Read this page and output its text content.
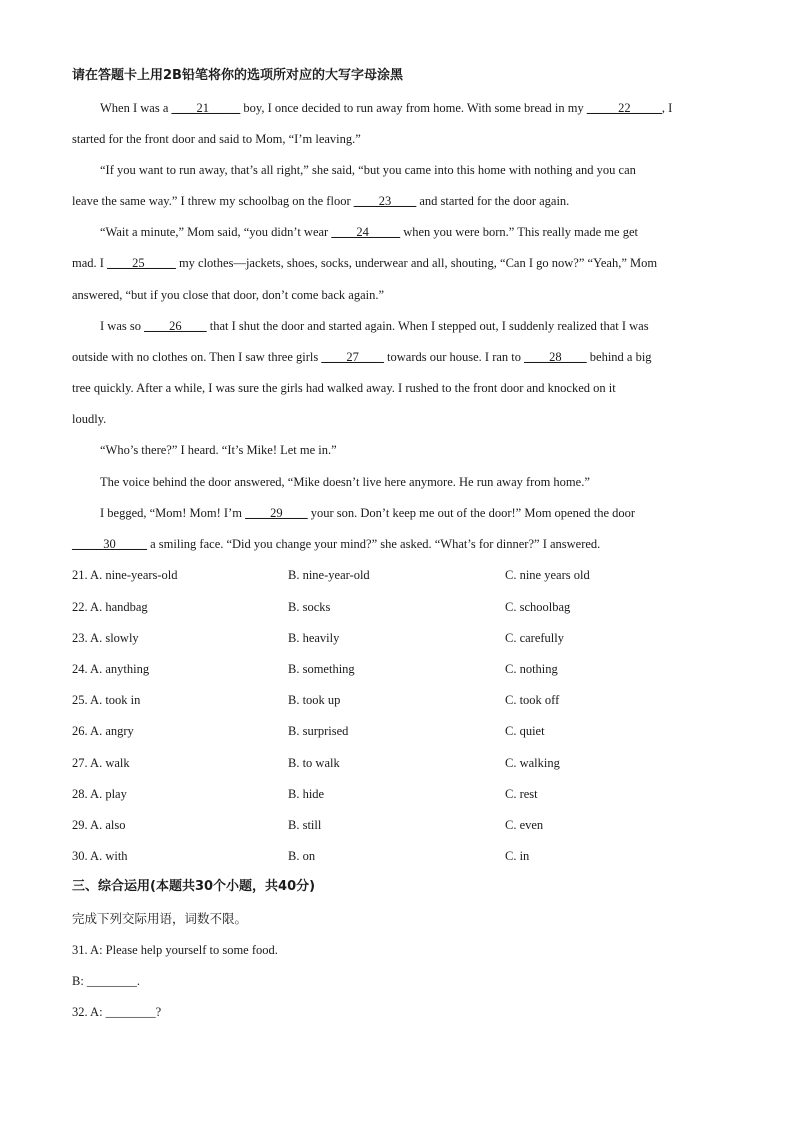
请在答题卡上用2B铅笔将你的选项所对应的大写字母涂黑
When I was a ____21_____ boy, I once decided to run away from home. With some bread in my _____22_____, I
started for the front door and said to Mom, “I’m leaving.”
“If you want to run away, that’s all right,” she said, “but you came into this home with nothing and you can
leave the same way.” I threw my schoolbag on the floor ____23____ and started for the door again.
“Wait a minute,” Mom said, “you didn’t wear ____24_____ when you were born.” This really made me get
mad. I ____25_____ my clothes—jackets, shoes, socks, underwear and all, shouting, “Can I go now?” “Yeah,” Mom
answered, “but if you close that door, don’t come back again.”
I was so ____26____ that I shut the door and started again. When I stepped out, I suddenly realized that I was
outside with no clothes on. Then I saw three girls ____27____ towards our house. I ran to ____28____ behind a big
tree quickly. After a while, I was sure the girls had walked away. I rushed to the front door and knocked on it
loudly.
“Who’s there?” I heard. “It’s Mike! Let me in.”
The voice behind the door answered, “Mike doesn’t live here anymore. He run away from home.”
I begged, “Mom! Mom! I’m ____29____ your son. Don’t keep me out of the door!” Mom opened the door
_____30_____ a smiling face. “Did you change your mind?” she asked. “What’s for dinner?” I answered.
21. A. nine-years-old	B. nine-year-old	C. nine years old
22. A. handbag	B. socks	C. schoolbag
23. A. slowly	B. heavily	C. carefully
24. A. anything	B. something	C. nothing
25. A. took in	B. took up	C. took off
26. A. angry	B. surprised	C. quiet
27. A. walk	B. to walk	C. walking
28. A. play	B. hide	C. rest
29. A. also	B. still	C. even
30. A. with	B. on	C. in
三、综合运用(本题共30个小题，共40分)
完成下列交际用语，词数不限。
31. A: Please help yourself to some food.
B: ________.
32. A: ________?
